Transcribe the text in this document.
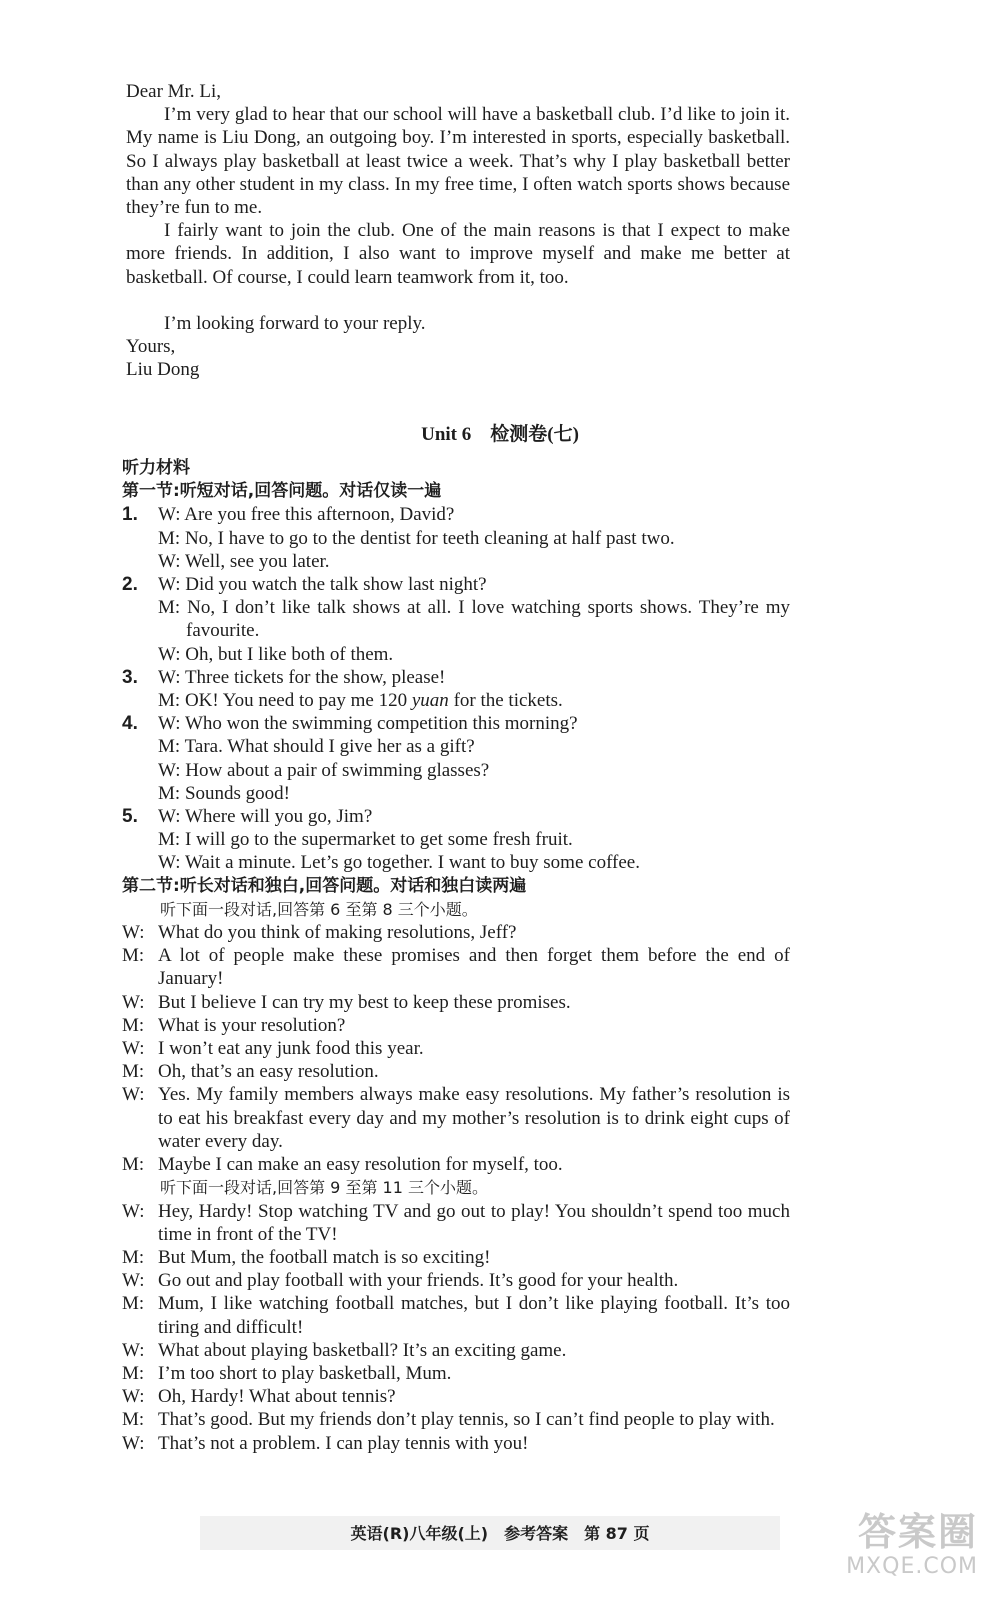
Dear Mr. Li,

I’m very glad to hear that our school will have a basketball club. I’d like to join it. My name is Liu Dong, an outgoing boy. I’m interested in sports, especially basketball. So I always play basketball at least twice a week. That’s why I play basketball better than any other student in my class. In my free time, I often watch sports shows because they’re fun to me.

I fairly want to join the club. One of the main reasons is that I expect to make more friends. In addition, I also want to improve myself and make me better at basketball. Of course, I could learn teamwork from it, too.

I’m looking forward to your reply.

Yours,

Liu Dong

Unit 6　检测卷(七)
听力材料
第一节:听短对话,回答问题。对话仅读一遍
1. W: Are you free this afternoon, David?
M: No, I have to go to the dentist for teeth cleaning at half past two.
W: Well, see you later.
2. W: Did you watch the talk show last night?
M: No, I don’t like talk shows at all. I love watching sports shows. They’re my favourite.
W: Oh, but I like both of them.
3. W: Three tickets for the show, please!
M: OK! You need to pay me 120 yuan for the tickets.
4. W: Who won the swimming competition this morning?
M: Tara. What should I give her as a gift?
W: How about a pair of swimming glasses?
M: Sounds good!
5. W: Where will you go, Jim?
M: I will go to the supermarket to get some fresh fruit.
W: Wait a minute. Let’s go together. I want to buy some coffee.
第二节:听长对话和独白,回答问题。对话和独白读两遍
听下面一段对话,回答第 6 至第 8 三个小题。
W: What do you think of making resolutions, Jeff?
M: A lot of people make these promises and then forget them before the end of January!
W: But I believe I can try my best to keep these promises.
M: What is your resolution?
W: I won’t eat any junk food this year.
M: Oh, that’s an easy resolution.
W: Yes. My family members always make easy resolutions. My father’s resolution is to eat his breakfast every day and my mother’s resolution is to drink eight cups of water every day.
M: Maybe I can make an easy resolution for myself, too.
听下面一段对话,回答第 9 至第 11 三个小题。
W: Hey, Hardy! Stop watching TV and go out to play! You shouldn’t spend too much time in front of the TV!
M: But Mum, the football match is so exciting!
W: Go out and play football with your friends. It’s good for your health.
M: Mum, I like watching football matches, but I don’t like playing football. It’s too tiring and difficult!
W: What about playing basketball? It’s an exciting game.
M: I’m too short to play basketball, Mum.
W: Oh, Hardy! What about tennis?
M: That’s good. But my friends don’t play tennis, so I can’t find people to play with.
W: That’s not a problem. I can play tennis with you!
英语(R)八年级(上)　参考答案　第 87 页	答案圈
MXQE.COM
